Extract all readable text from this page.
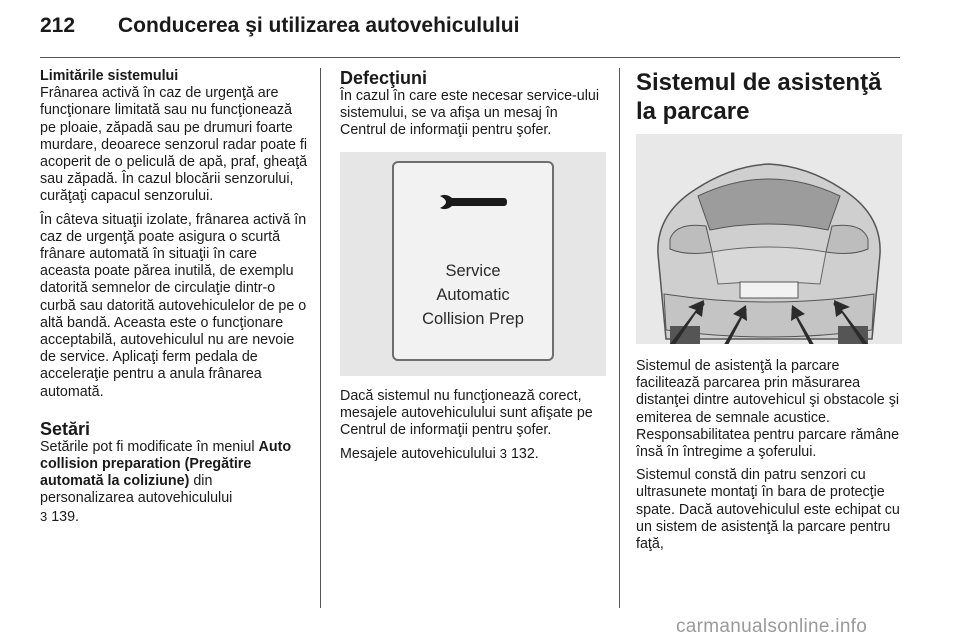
212 Conducerea şi utilizarea autovehiculului
Limitările sistemului

Frânarea activă în caz de urgenţă are funcţionare limitată sau nu funcţionează pe ploaie, zăpadă sau pe drumuri foarte murdare, deoarece senzorul radar poate fi acoperit de o peliculă de apă, praf, gheaţă sau zăpadă. În cazul blocării senzorului, curăţaţi capacul senzorului.

În câteva situaţii izolate, frânarea activă în caz de urgenţă poate asigura o scurtă frânare automată în situaţii în care aceasta poate părea inutilă, de exemplu datorită semnelor de circulaţie dintr-o curbă sau datorită autovehiculelor de pe o altă bandă. Aceasta este o funcţionare acceptabilă, autovehiculul nu are nevoie de service. Aplicaţi ferm pedala de acceleraţie pentru a anula frânarea automată.

Setări

Setările pot fi modificate în meniul Auto collision preparation (Pregătire automată la coliziune) din personalizarea autovehiculului
3 139.

Defecţiuni

În cazul în care este necesar service-ului sistemului, se va afişa un mesaj în Centrul de informaţii pentru şofer.

Service
Automatic
Collision Prep

Dacă sistemul nu funcţionează corect, mesajele autovehiculului sunt afişate pe Centrul de informaţii pentru şofer.

Mesajele autovehiculului 3 132.

Sistemul de asistenţă la parcare

Sistemul de asistenţă la parcare facilitează parcarea prin măsurarea distanţei dintre autovehicul şi obstacole şi emiterea de semnale acustice. Responsabilitatea pentru parcare rămâne însă în întregime a şoferului.

Sistemul constă din patru senzori cu ultrasunete montaţi în bara de protecţie spate. Dacă autovehiculul este echipat cu un sistem de asistenţă la parcare pentru faţă,

carmanualsonline.info
